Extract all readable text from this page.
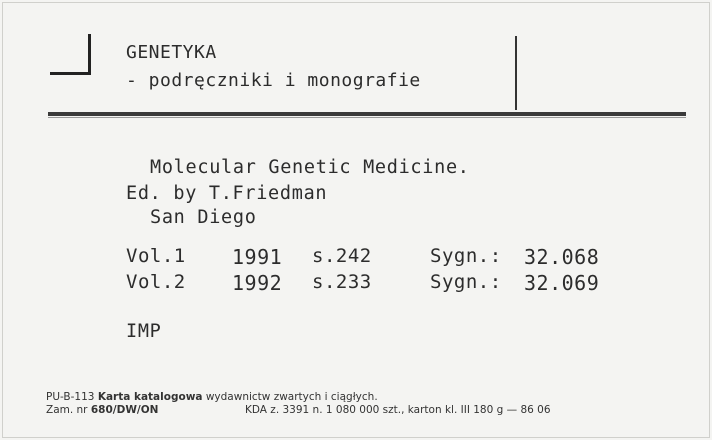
GENETYKA
- podręczniki i monografie
Molecular Genetic Medicine.
Ed. by T.Friedman
San Diego
Vol.1 1991 s.242	Sygn.: 32.068
Vol.2 1992 s.233	Sygn.: 32.069
IMP
PU-B-113 Karta katalogowa wydawnictw zwartych i ciągłych.
Zam. nr 680/DW/ON	KDA z. 3391 n. 1 080 000 szt., karton kl. III 180 g — 86 06
